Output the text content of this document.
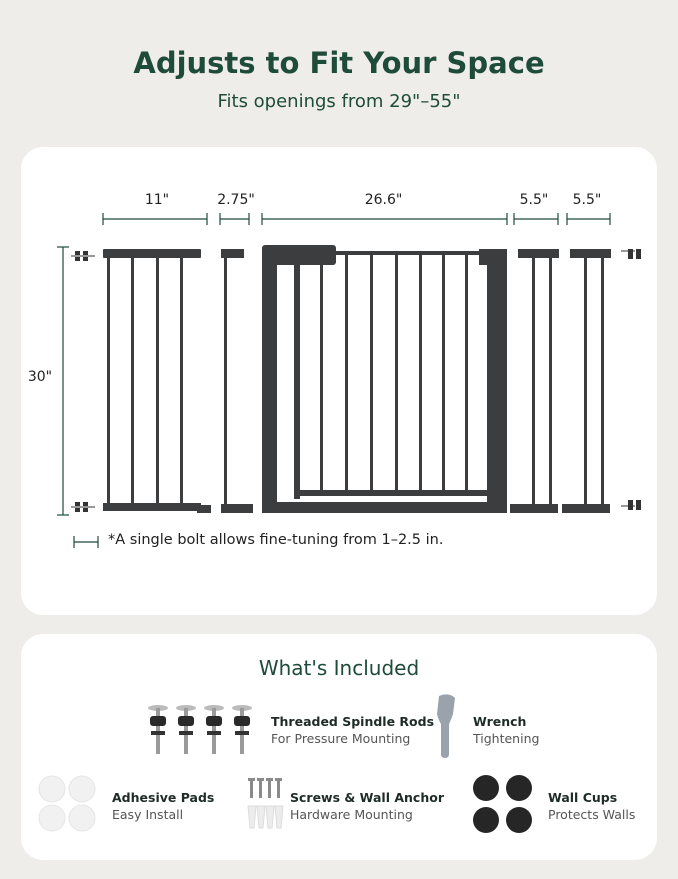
Adjusts to Fit Your Space
Fits openings from 29"–55"
11"	2.75"	26.6"	5.5"	5.5"
30"
*A single bolt allows fine-tuning from 1–2.5 in.
What's Included
Threaded Spindle Rods
For Pressure Mounting
Wrench
Tightening
Adhesive Pads
Easy Install
Screws & Wall Anchor
Hardware Mounting
Wall Cups
Protects Walls
